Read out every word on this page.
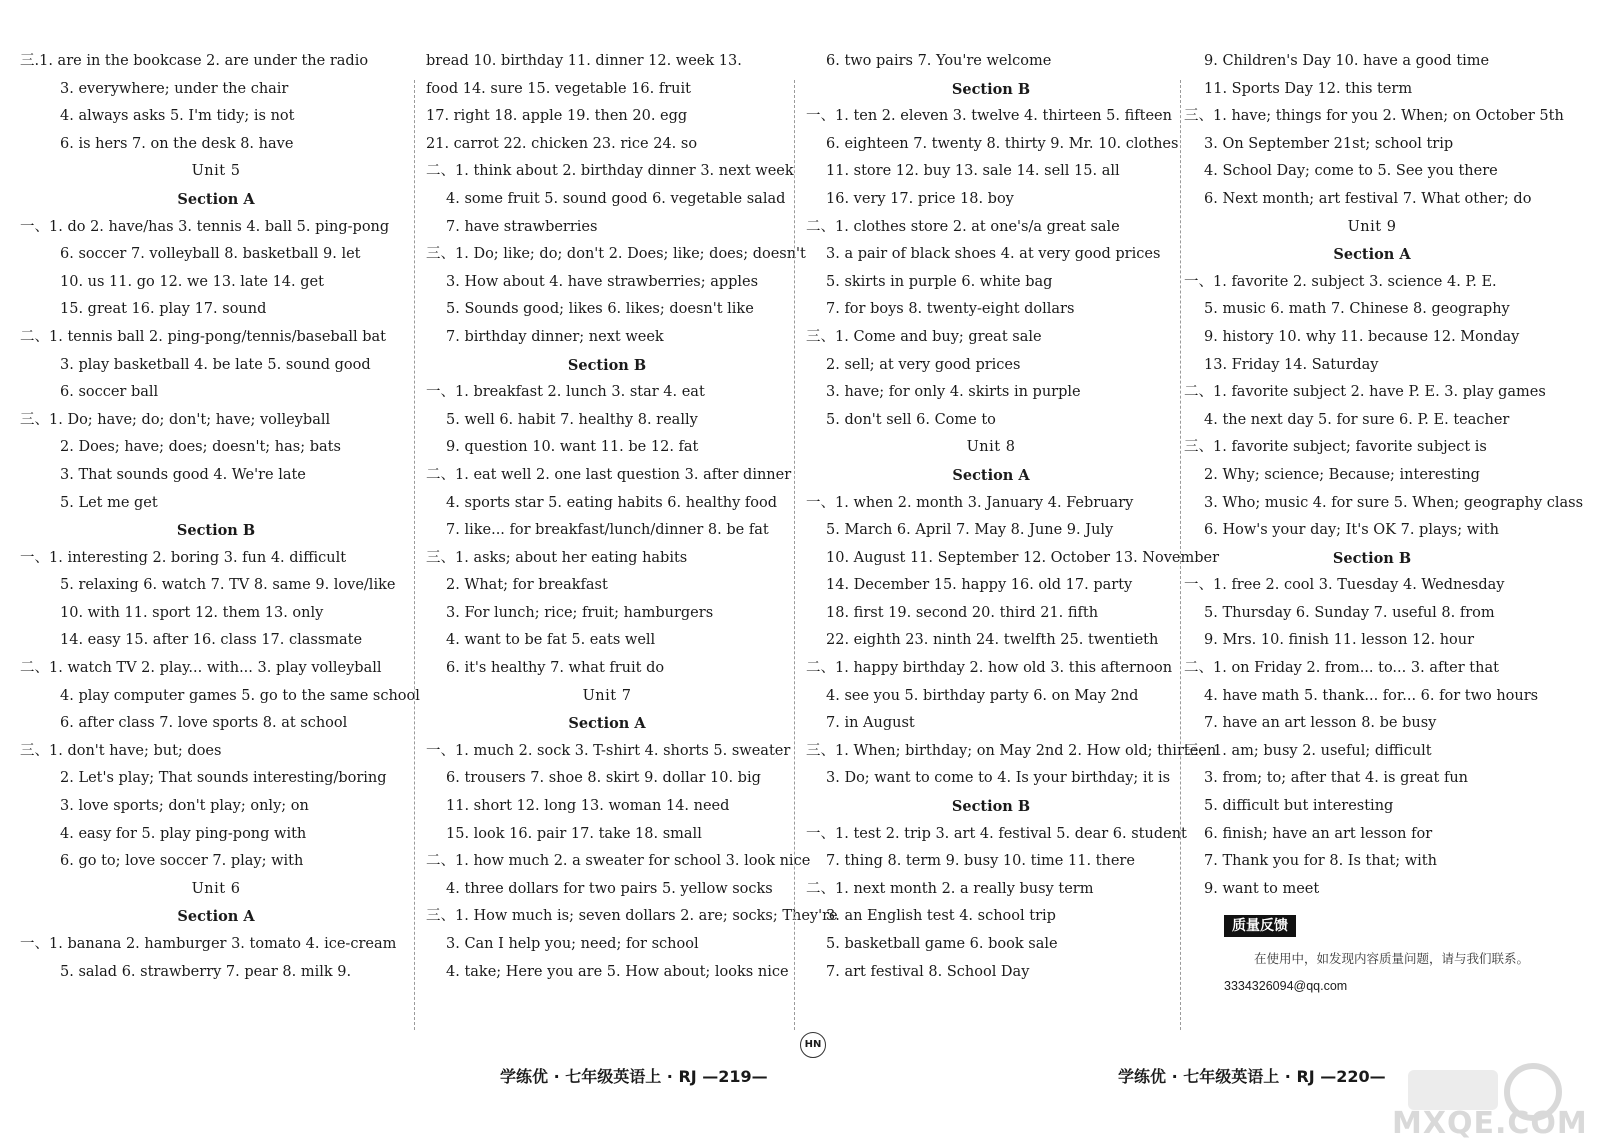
三.1. are in the bookcase 2. are under the radio
3. everywhere; under the chair
4. always asks 5. I'm tidy; is not
6. is hers 7. on the desk 8. have
Unit 5
Section A
一、1. do 2. have/has 3. tennis 4. ball 5. ping-pong
6. soccer 7. volleyball 8. basketball 9. let
10. us 11. go 12. we 13. late 14. get
15. great 16. play 17. sound
二、1. tennis ball 2. ping-pong/tennis/baseball bat
3. play basketball 4. be late 5. sound good
6. soccer ball
三、1. Do; have; do; don't; have; volleyball
2. Does; have; does; doesn't; has; bats
3. That sounds good 4. We're late
5. Let me get
Section B
一、1. interesting 2. boring 3. fun 4. difficult
5. relaxing 6. watch 7. TV 8. same 9. love/like
10. with 11. sport 12. them 13. only
14. easy 15. after 16. class 17. classmate
二、1. watch TV 2. play... with... 3. play volleyball
4. play computer games 5. go to the same school
6. after class 7. love sports 8. at school
三、1. don't have; but; does
2. Let's play; That sounds interesting/boring
3. love sports; don't play; only; on
4. easy for 5. play ping-pong with
6. go to; love soccer 7. play; with
Unit 6
Section A
一、1. banana 2. hamburger 3. tomato 4. ice-cream
5. salad 6. strawberry 7. pear 8. milk 9.
bread 10. birthday 11. dinner 12. week 13.
food 14. sure 15. vegetable 16. fruit
17. right 18. apple 19. then 20. egg
21. carrot 22. chicken 23. rice 24. so
二、1. think about 2. birthday dinner 3. next week
4. some fruit 5. sound good 6. vegetable salad
7. have strawberries
三、1. Do; like; do; don't 2. Does; like; does; doesn't
3. How about 4. have strawberries; apples
5. Sounds good; likes 6. likes; doesn't like
7. birthday dinner; next week
Section B
一、1. breakfast 2. lunch 3. star 4. eat
5. well 6. habit 7. healthy 8. really
9. question 10. want 11. be 12. fat
二、1. eat well 2. one last question 3. after dinner
4. sports star 5. eating habits 6. healthy food
7. like... for breakfast/lunch/dinner 8. be fat
三、1. asks; about her eating habits
2. What; for breakfast
3. For lunch; rice; fruit; hamburgers
4. want to be fat 5. eats well
6. it's healthy 7. what fruit do
Unit 7
Section A
一、1. much 2. sock 3. T-shirt 4. shorts 5. sweater
6. trousers 7. shoe 8. skirt 9. dollar 10. big
11. short 12. long 13. woman 14. need
15. look 16. pair 17. take 18. small
二、1. how much 2. a sweater for school 3. look nice
4. three dollars for two pairs 5. yellow socks
三、1. How much is; seven dollars 2. are; socks; They're
3. Can I help you; need; for school
4. take; Here you are 5. How about; looks nice
6. two pairs 7. You're welcome
Section B
一、1. ten 2. eleven 3. twelve 4. thirteen 5. fifteen
6. eighteen 7. twenty 8. thirty 9. Mr. 10. clothes
11. store 12. buy 13. sale 14. sell 15. all
16. very 17. price 18. boy
二、1. clothes store 2. at one's/a great sale
3. a pair of black shoes 4. at very good prices
5. skirts in purple 6. white bag
7. for boys 8. twenty-eight dollars
三、1. Come and buy; great sale
2. sell; at very good prices
3. have; for only 4. skirts in purple
5. don't sell 6. Come to
Unit 8
Section A
一、1. when 2. month 3. January 4. February
5. March 6. April 7. May 8. June 9. July
10. August 11. September 12. October 13. November
14. December 15. happy 16. old 17. party
18. first 19. second 20. third 21. fifth
22. eighth 23. ninth 24. twelfth 25. twentieth
二、1. happy birthday 2. how old 3. this afternoon
4. see you 5. birthday party 6. on May 2nd
7. in August
三、1. When; birthday; on May 2nd 2. How old; thirteen
3. Do; want to come to 4. Is your birthday; it is
Section B
一、1. test 2. trip 3. art 4. festival 5. dear 6. student
7. thing 8. term 9. busy 10. time 11. there
二、1. next month 2. a really busy term
3. an English test 4. school trip
5. basketball game 6. book sale
7. art festival 8. School Day
9. Children's Day 10. have a good time
11. Sports Day 12. this term
三、1. have; things for you 2. When; on October 5th
3. On September 21st; school trip
4. School Day; come to 5. See you there
6. Next month; art festival 7. What other; do
Unit 9
Section A
一、1. favorite 2. subject 3. science 4. P. E.
5. music 6. math 7. Chinese 8. geography
9. history 10. why 11. because 12. Monday
13. Friday 14. Saturday
二、1. favorite subject 2. have P. E. 3. play games
4. the next day 5. for sure 6. P. E. teacher
三、1. favorite subject; favorite subject is
2. Why; science; Because; interesting
3. Who; music 4. for sure 5. When; geography class
6. How's your day; It's OK 7. plays; with
Section B
一、1. free 2. cool 3. Tuesday 4. Wednesday
5. Thursday 6. Sunday 7. useful 8. from
9. Mrs. 10. finish 11. lesson 12. hour
二、1. on Friday 2. from... to... 3. after that
4. have math 5. thank... for... 6. for two hours
7. have an art lesson 8. be busy
三、1. am; busy 2. useful; difficult
3. from; to; after that 4. is great fun
5. difficult but interesting
6. finish; have an art lesson for
7. Thank you for 8. Is that; with
9. want to meet
质量反馈
在使用中，如发现内容质量问题，请与我们联系。
3334326094@qq.com
HN
学练优 · 七年级英语上 · RJ —219—	学练优 · 七年级英语上 · RJ —220—
MXQE.COM
